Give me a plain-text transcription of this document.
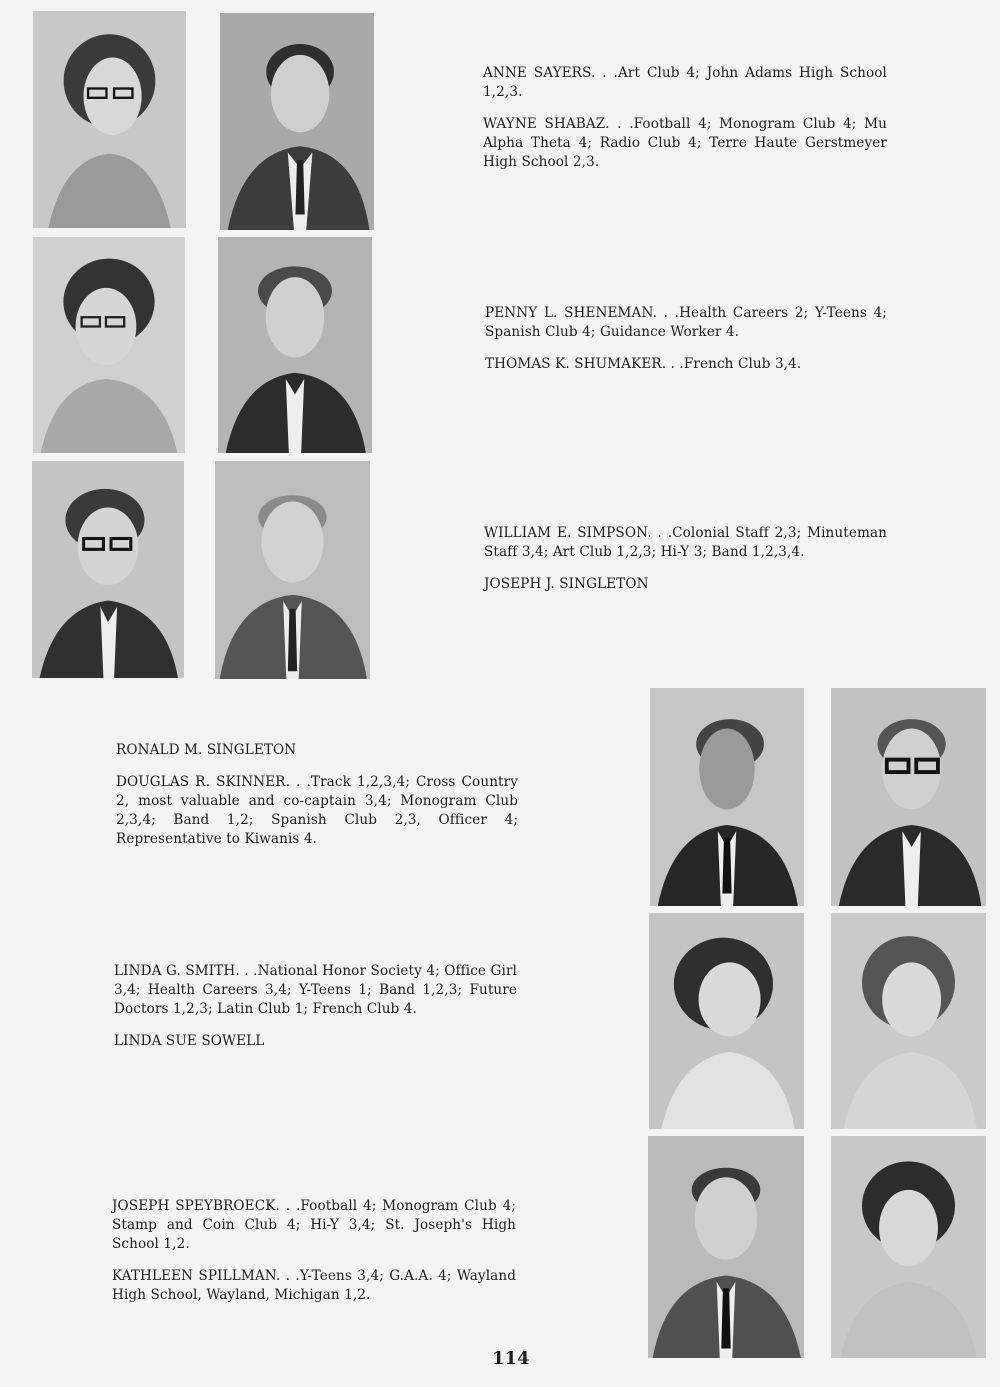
ANNE SAYERS. . .Art Club 4; John Adams High School 1,2,3.

WAYNE SHABAZ. . .Football 4; Monogram Club 4; Mu Alpha Theta 4; Radio Club 4; Terre Haute Gerstmeyer High School 2,3.

PENNY L. SHENEMAN. . .Health Careers 2; Y-Teens 4; Spanish Club 4; Guidance Worker 4.

THOMAS K. SHUMAKER. . .French Club 3,4.

WILLIAM E. SIMPSON. . .Colonial Staff 2,3; Minuteman Staff 3,4; Art Club 1,2,3; Hi-Y 3; Band 1,2,3,4.

JOSEPH J. SINGLETON

RONALD M. SINGLETON

DOUGLAS R. SKINNER. . .Track 1,2,3,4; Cross Country 2, most valuable and co-captain 3,4; Monogram Club 2,3,4; Band 1,2; Spanish Club 2,3, Officer 4; Representative to Kiwanis 4.

LINDA G. SMITH. . .National Honor Society 4; Office Girl 3,4; Health Careers 3,4; Y-Teens 1; Band 1,2,3; Future Doctors 1,2,3; Latin Club 1; French Club 4.

LINDA SUE SOWELL

JOSEPH SPEYBROECK. . .Football 4; Monogram Club 4; Stamp and Coin Club 4; Hi-Y 3,4; St. Joseph's High School 1,2.

KATHLEEN SPILLMAN. . .Y-Teens 3,4; G.A.A. 4; Wayland High School, Wayland, Michigan 1,2.

114
